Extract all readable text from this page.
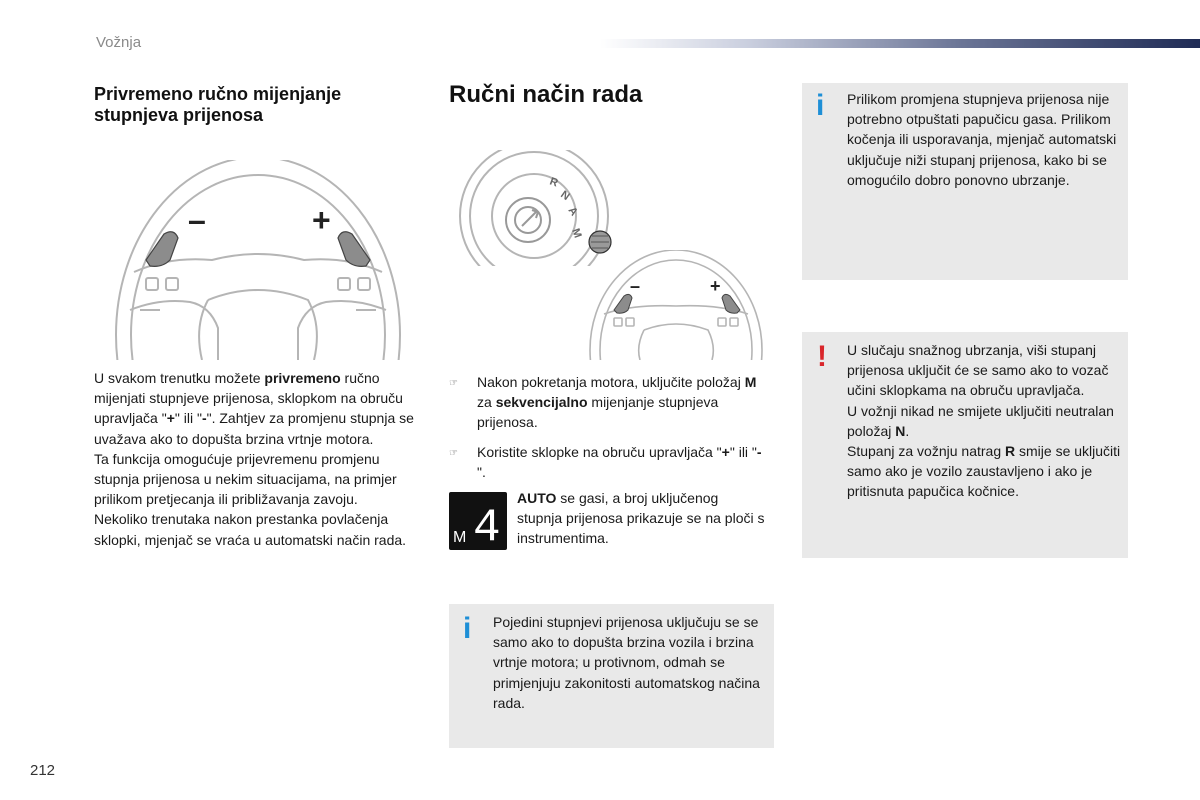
Vožnja
Privremeno ručno mijenjanje stupnjeva prijenosa
–	+
U svakom trenutku možete privremeno ručno mijenjati stupnjeve prijenosa, sklopkom na obruču upravljača "+" ili "-". Zahtjev za promjenu stupnja se uvažava ako to dopušta brzina vrtnje motora.
Ta funkcija omogućuje prijevremenu promjenu stupnja prijenosa u nekim situacijama, na primjer prilikom pretjecanja ili približavanja zavoju.
Nekoliko trenutaka nakon prestanka povlačenja sklopki, mjenjač se vraća u automatski način rada.
Ručni način rada
R
N
A
M
–	+
☞ Nakon pokretanja motora, uključite položaj M za sekvencijalno mijenjanje stupnjeva prijenosa.
☞ Koristite sklopke na obruču upravljača "+" ili "-".
M 4
AUTO se gasi, a broj uključenog stupnja prijenosa prikazuje se na ploči s instrumentima.
i Pojedini stupnjevi prijenosa uključuju se se samo ako to dopušta brzina vozila i brzina vrtnje motora; u protivnom, odmah se primjenjuju zakonitosti automatskog načina rada.
i Prilikom promjena stupnjeva prijenosa nije potrebno otpuštati papučicu gasa. Prilikom kočenja ili usporavanja, mjenjač automatski uključuje niži stupanj prijenosa, kako bi se omogućilo dobro ponovno ubrzanje.
! U slučaju snažnog ubrzanja, viši stupanj prijenosa uključit će se samo ako to vozač učini sklopkama na obruču upravljača.
U vožnji nikad ne smijete uključiti neutralan položaj N.
Stupanj za vožnju natrag R smije se uključiti samo ako je vozilo zaustavljeno i ako je pritisnuta papučica kočnice.
212
